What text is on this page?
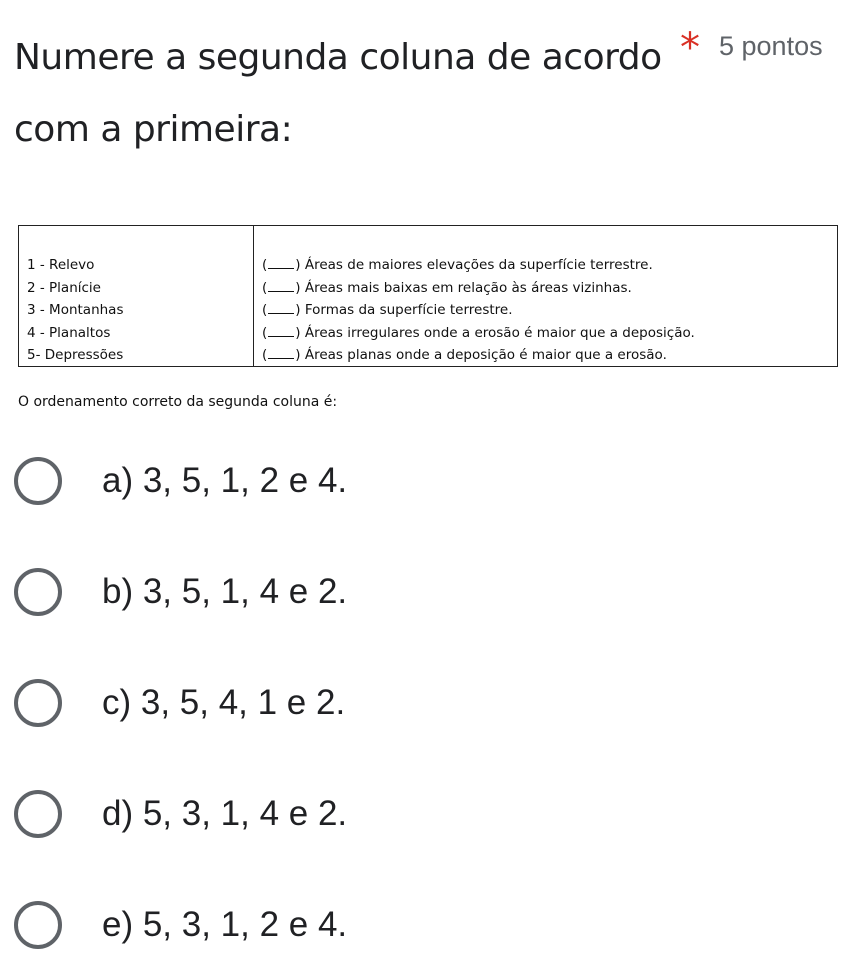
Numere a segunda coluna de acordo com a primeira:
* 5 pontos
1 - Relevo
2 - Planície
3 - Montanhas
4 - Planaltos
5- Depressões
( ) Áreas de maiores elevações da superfície terrestre.
( ) Áreas mais baixas em relação às áreas vizinhas.
( ) Formas da superfície terrestre.
( ) Áreas irregulares onde a erosão é maior que a deposição.
( ) Áreas planas onde a deposição é maior que a erosão.
O ordenamento correto da segunda coluna é:
a) 3, 5, 1, 2 e 4.
b) 3, 5, 1, 4 e 2.
c) 3, 5, 4, 1 e 2.
d) 5, 3, 1, 4 e 2.
e) 5, 3, 1, 2 e 4.
